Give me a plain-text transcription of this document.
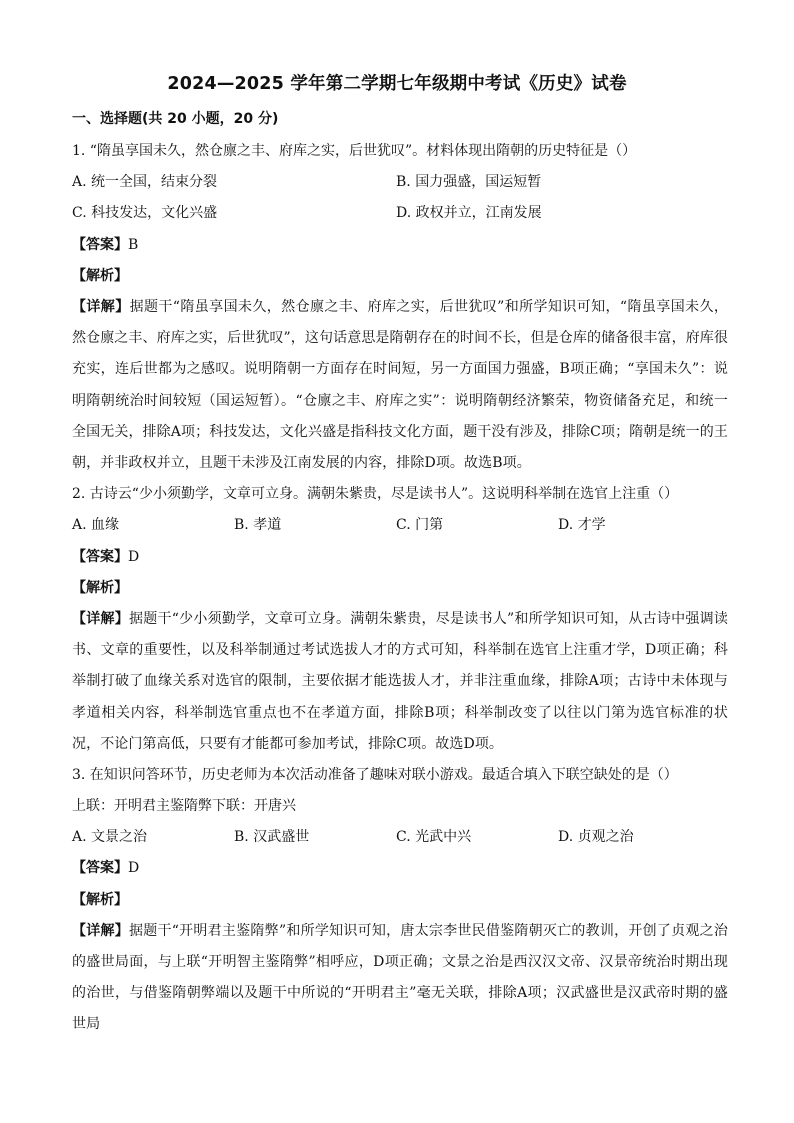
2024—2025 学年第二学期七年级期中考试《历史》试卷
一、选择题(共 20 小题，20 分)
1. “隋虽享国未久，然仓廪之丰、府库之实，后世犹叹”。材料体现出隋朝的历史特征是（）
A. 统一全国，结束分裂	B. 国力强盛，国运短暂
C. 科技发达，文化兴盛	D. 政权并立，江南发展
【答案】B
【解析】
【详解】据题干“隋虽享国未久，然仓廪之丰、府库之实，后世犹叹”和所学知识可知，“隋虽享国未久，然仓廪之丰、府库之实，后世犹叹”，这句话意思是隋朝存在的时间不长，但是仓库的储备很丰富，府库很充实，连后世都为之感叹。说明隋朝一方面存在时间短，另一方面国力强盛，B项正确；“享国未久”：说明隋朝统治时间较短（国运短暂）。“仓廪之丰、府库之实”：说明隋朝经济繁荣，物资储备充足，和统一全国无关，排除A项；科技发达，文化兴盛是指科技文化方面，题干没有涉及，排除C项；隋朝是统一的王朝，并非政权并立，且题干未涉及江南发展的内容，排除D项。故选B项。
2. 古诗云“少小须勤学，文章可立身。满朝朱紫贵，尽是读书人”。这说明科举制在选官上注重（）
A. 血缘	B. 孝道	C. 门第	D. 才学
【答案】D
【解析】
【详解】据题干“少小须勤学，文章可立身。满朝朱紫贵，尽是读书人”和所学知识可知，从古诗中强调读书、文章的重要性，以及科举制通过考试选拔人才的方式可知，科举制在选官上注重才学，D项正确；科举制打破了血缘关系对选官的限制，主要依据才能选拔人才，并非注重血缘，排除A项；古诗中未体现与孝道相关内容，科举制选官重点也不在孝道方面，排除B项；科举制改变了以往以门第为选官标准的状况，不论门第高低，只要有才能都可参加考试，排除C项。故选D项。
3. 在知识问答环节，历史老师为本次活动准备了趣味对联小游戏。最适合填入下联空缺处的是（）
上联：开明君主鉴隋弊下联：开唐兴
A. 文景之治	B. 汉武盛世	C. 光武中兴	D. 贞观之治
【答案】D
【解析】
【详解】据题干“开明君主鉴隋弊”和所学知识可知，唐太宗李世民借鉴隋朝灭亡的教训，开创了贞观之治的盛世局面，与上联“开明智主鉴隋弊”相呼应，D项正确；文景之治是西汉汉文帝、汉景帝统治时期出现的治世，与借鉴隋朝弊端以及题干中所说的“开明君主”毫无关联，排除A项；汉武盛世是汉武帝时期的盛世局
